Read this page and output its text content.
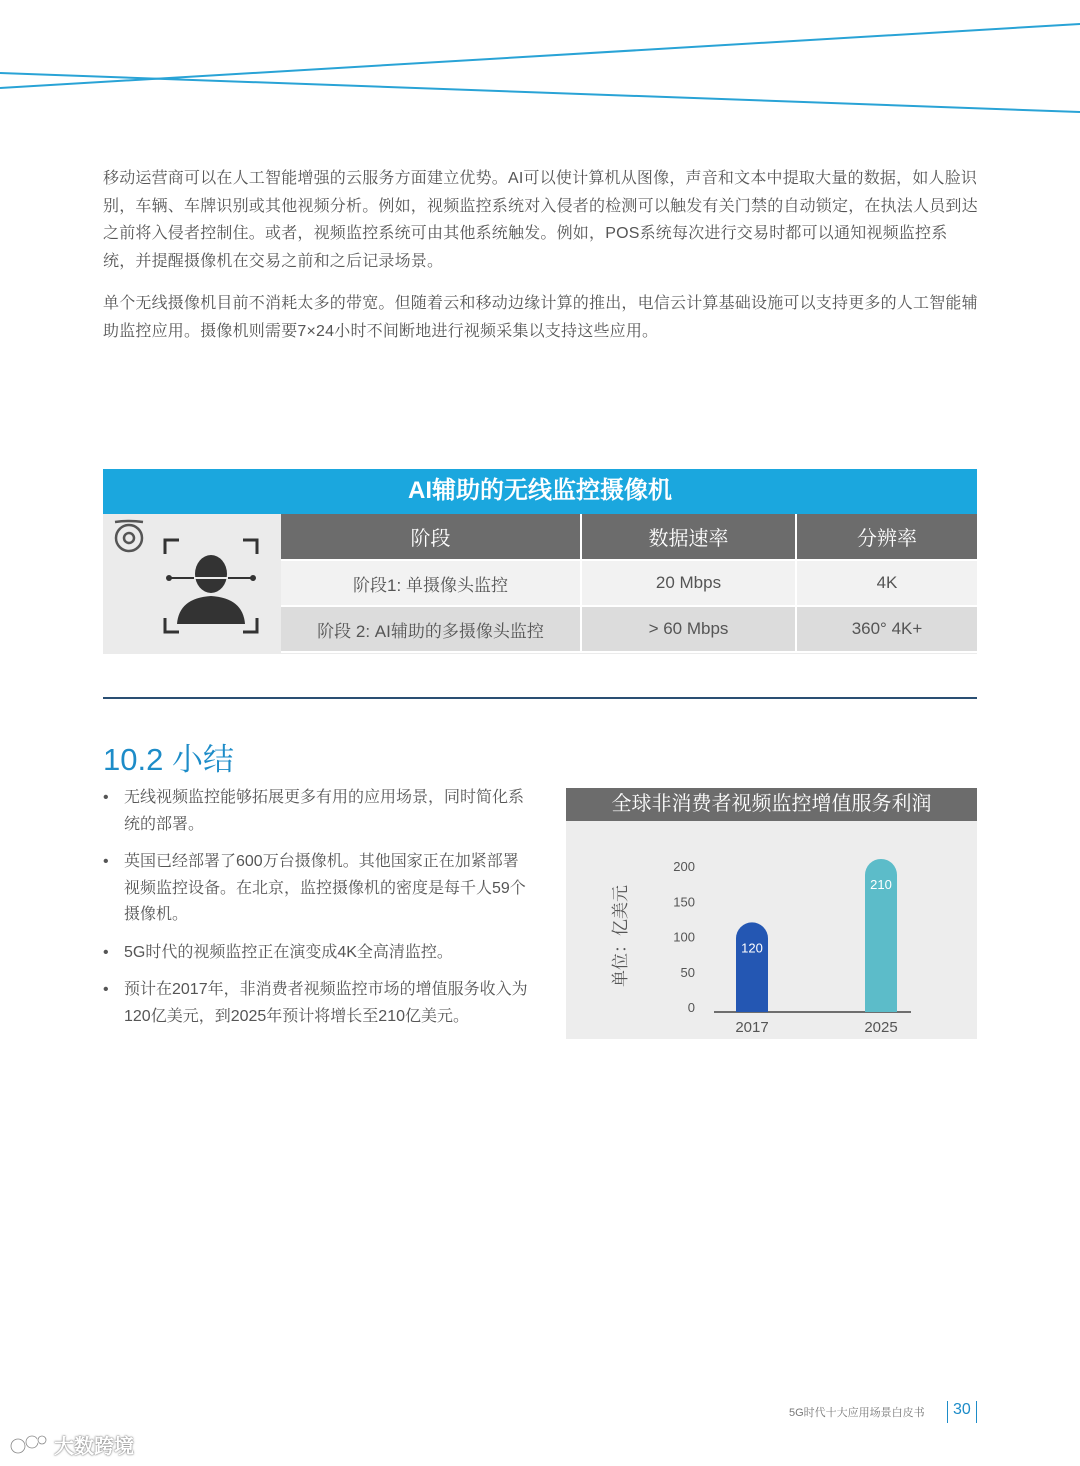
移动运营商可以在人工智能增强的云服务方面建立优势。AI可以使计算机从图像，声音和文本中提取大量的数据，如人脸识别，车辆、车牌识别或其他视频分析。例如，视频监控系统对入侵者的检测可以触发有关门禁的自动锁定，在执法人员到达之前将入侵者控制住。或者，视频监控系统可由其他系统触发。例如，POS系统每次进行交易时都可以通知视频监控系统，并提醒摄像机在交易之前和之后记录场景。

单个无线摄像机目前不消耗太多的带宽。但随着云和移动边缘计算的推出，电信云计算基础设施可以支持更多的人工智能辅助监控应用。摄像机则需要7×24小时不间断地进行视频采集以支持这些应用。

AI辅助的无线监控摄像机
阶段	数据速率	分辨率
阶段1: 单摄像头监控	20 Mbps	4K
阶段 2: AI辅助的多摄像头监控	> 60 Mbps	360° 4K+
10.2 小结
• 无线视频监控能够拓展更多有用的应用场景，同时简化系统的部署。
• 英国已经部署了600万台摄像机。其他国家正在加紧部署视频监控设备。在北京，监控摄像机的密度是每千人59个摄像机。
• 5G时代的视频监控正在演变成4K全高清监控。
• 预计在2017年，非消费者视频监控市场的增值服务收入为120亿美元，到2025年预计将增长至210亿美元。
全球非消费者视频监控增值服务利润
单位：亿美元
200
150
100
50
0
120
2017
210
2025
5G时代十大应用场景白皮书 30
大数跨境
